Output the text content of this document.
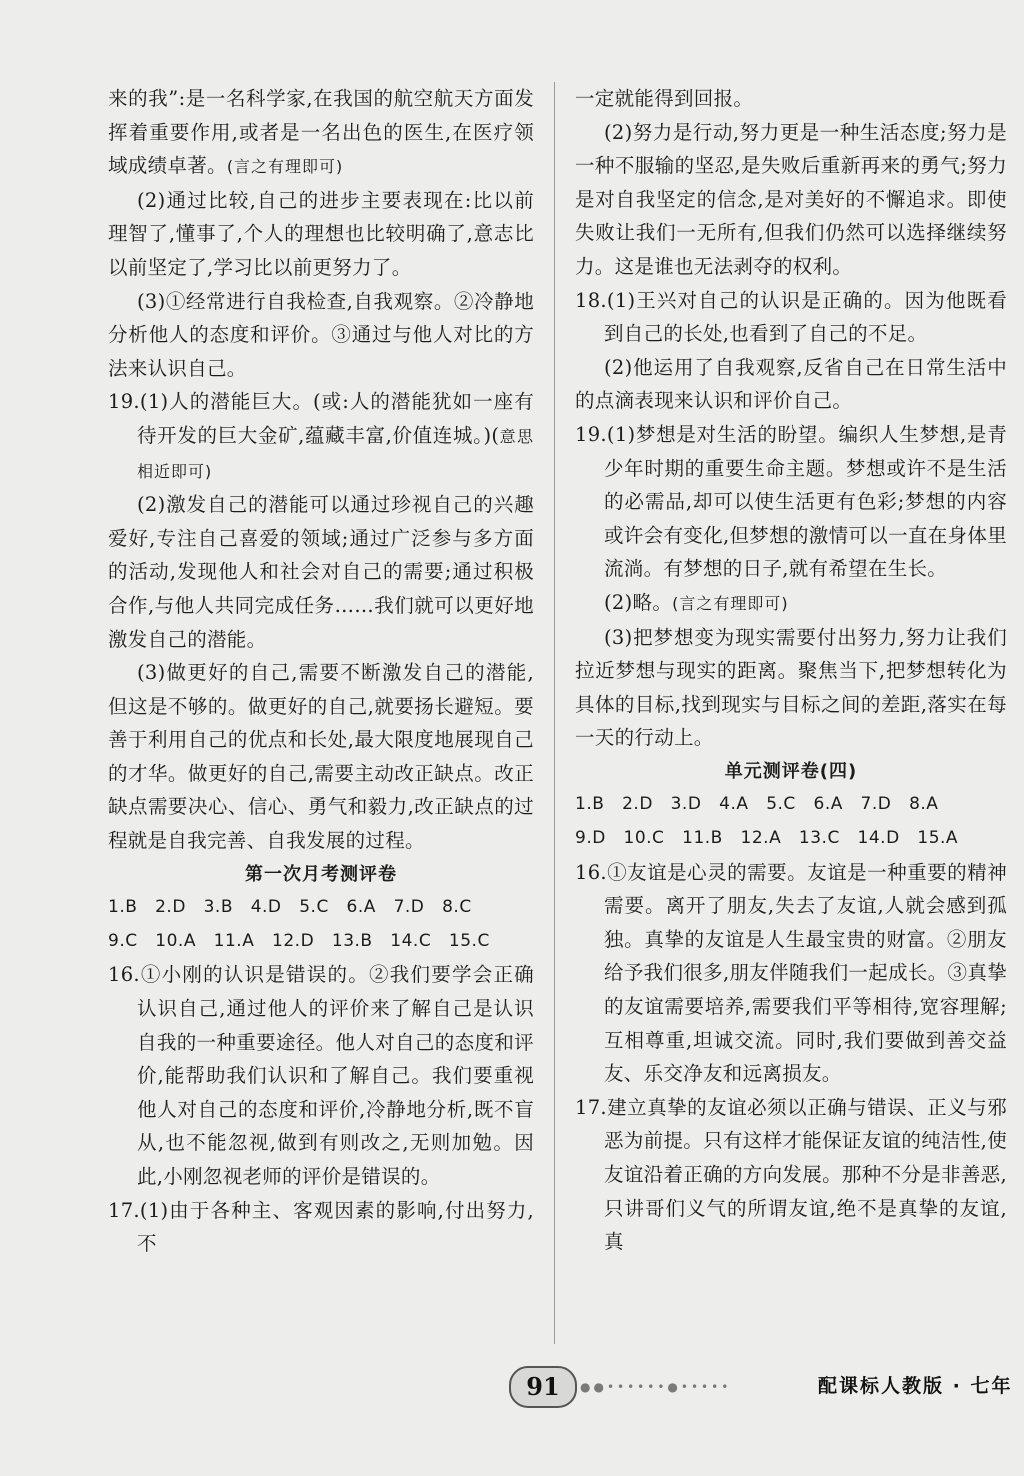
来的我”:是一名科学家,在我国的航空航天方面发挥着重要作用,或者是一名出色的医生,在医疗领域成绩卓著。(言之有理即可)

(2)通过比较,自己的进步主要表现在:比以前理智了,懂事了,个人的理想也比较明确了,意志比以前坚定了,学习比以前更努力了。

(3)①经常进行自我检查,自我观察。②冷静地分析他人的态度和评价。③通过与他人对比的方法来认识自己。

19.(1)人的潜能巨大。(或:人的潜能犹如一座有待开发的巨大金矿,蕴藏丰富,价值连城。)(意思相近即可)

(2)激发自己的潜能可以通过珍视自己的兴趣爱好,专注自己喜爱的领域;通过广泛参与多方面的活动,发现他人和社会对自己的需要;通过积极合作,与他人共同完成任务……我们就可以更好地激发自己的潜能。

(3)做更好的自己,需要不断激发自己的潜能,但这是不够的。做更好的自己,就要扬长避短。要善于利用自己的优点和长处,最大限度地展现自己的才华。做更好的自己,需要主动改正缺点。改正缺点需要决心、信心、勇气和毅力,改正缺点的过程就是自我完善、自我发展的过程。

第一次月考测评卷

1.B   2.D   3.B   4.D   5.C   6.A   7.D   8.C

9.C   10.A   11.A   12.D   13.B   14.C   15.C

16.①小刚的认识是错误的。②我们要学会正确认识自己,通过他人的评价来了解自己是认识自我的一种重要途径。他人对自己的态度和评价,能帮助我们认识和了解自己。我们要重视他人对自己的态度和评价,冷静地分析,既不盲从,也不能忽视,做到有则改之,无则加勉。因此,小刚忽视老师的评价是错误的。

17.(1)由于各种主、客观因素的影响,付出努力,不

一定就能得到回报。

(2)努力是行动,努力更是一种生活态度;努力是一种不服输的坚忍,是失败后重新再来的勇气;努力是对自我坚定的信念,是对美好的不懈追求。即使失败让我们一无所有,但我们仍然可以选择继续努力。这是谁也无法剥夺的权利。

18.(1)王兴对自己的认识是正确的。因为他既看到自己的长处,也看到了自己的不足。

(2)他运用了自我观察,反省自己在日常生活中的点滴表现来认识和评价自己。

19.(1)梦想是对生活的盼望。编织人生梦想,是青少年时期的重要生命主题。梦想或许不是生活的必需品,却可以使生活更有色彩;梦想的内容或许会有变化,但梦想的激情可以一直在身体里流淌。有梦想的日子,就有希望在生长。

(2)略。(言之有理即可)

(3)把梦想变为现实需要付出努力,努力让我们拉近梦想与现实的距离。聚焦当下,把梦想转化为具体的目标,找到现实与目标之间的差距,落实在每一天的行动上。

单元测评卷(四)

1.B   2.D   3.D   4.A   5.C   6.A   7.D   8.A

9.D   10.C   11.B   12.A   13.C   14.D   15.A

16.①友谊是心灵的需要。友谊是一种重要的精神需要。离开了朋友,失去了友谊,人就会感到孤独。真挚的友谊是人生最宝贵的财富。②朋友给予我们很多,朋友伴随我们一起成长。③真挚的友谊需要培养,需要我们平等相待,宽容理解;互相尊重,坦诚交流。同时,我们要做到善交益友、乐交净友和远离损友。

17.建立真挚的友谊必须以正确与错误、正义与邪恶为前提。只有这样才能保证友谊的纯洁性,使友谊沿着正确的方向发展。那种不分是非善恶,只讲哥们义气的所谓友谊,绝不是真挚的友谊,真

91	●●••••••●•••••	配课标人教版 · 七年
